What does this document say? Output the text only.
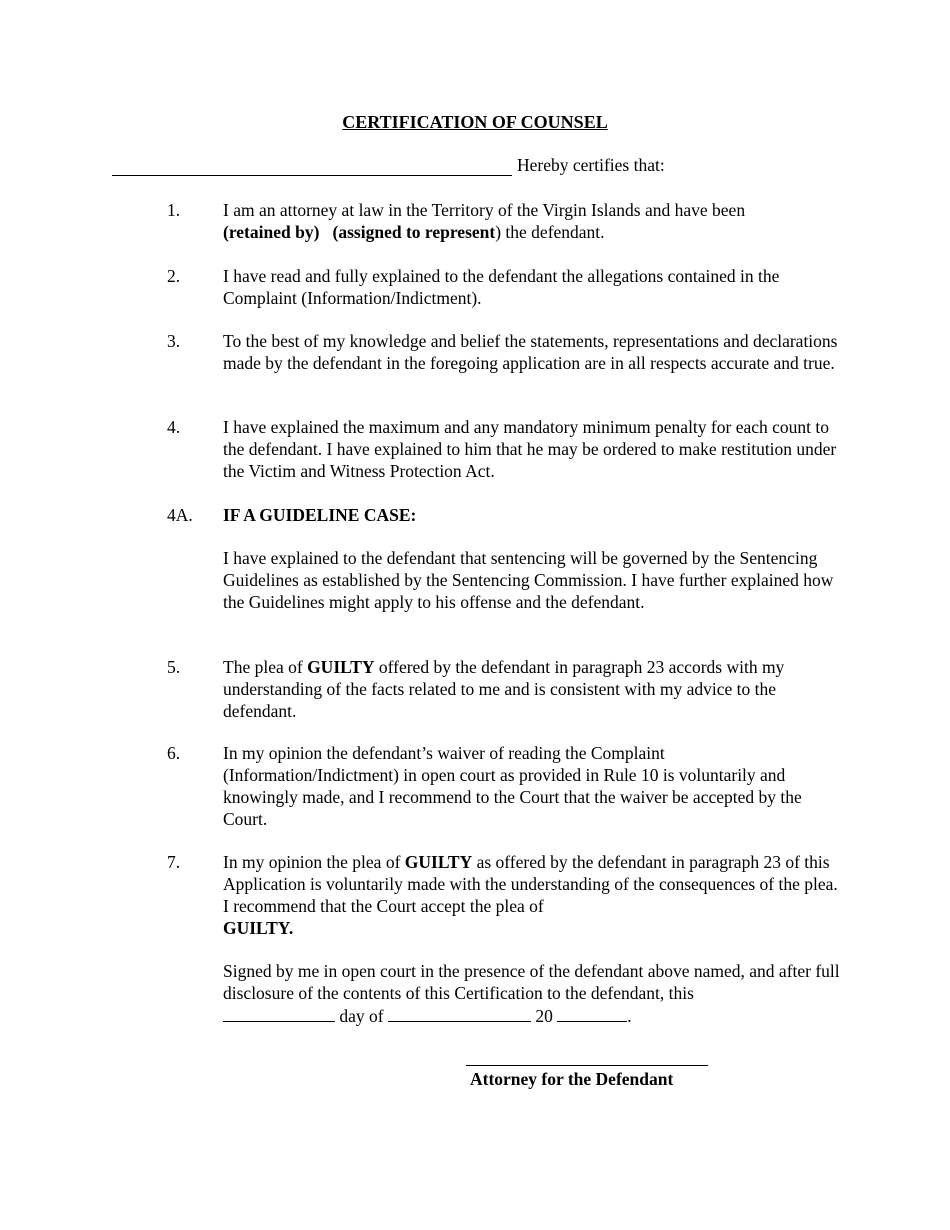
CERTIFICATION OF COUNSEL
Hereby certifies that:
1. I am an attorney at law in the Territory of the Virgin Islands and have been
(retained by) (assigned to represent) the defendant.
2. I have read and fully explained to the defendant the allegations contained in the Complaint (Information/Indictment).
3. To the best of my knowledge and belief the statements, representations and declarations made by the defendant in the foregoing application are in all respects accurate and true.
4. I have explained the maximum and any mandatory minimum penalty for each count to the defendant. I have explained to him that he may be ordered to make restitution under the Victim and Witness Protection Act.
4A. IF A GUIDELINE CASE:
I have explained to the defendant that sentencing will be governed by the Sentencing Guidelines as established by the Sentencing Commission. I have further explained how the Guidelines might apply to his offense and the defendant.
5. The plea of GUILTY offered by the defendant in paragraph 23 accords with my understanding of the facts related to me and is consistent with my advice to the defendant.
6. In my opinion the defendant’s waiver of reading the Complaint (Information/Indictment) in open court as provided in Rule 10 is voluntarily and knowingly made, and I recommend to the Court that the waiver be accepted by the Court.
7. In my opinion the plea of GUILTY as offered by the defendant in paragraph 23 of this Application is voluntarily made with the understanding of the consequences of the plea. I recommend that the Court accept the plea of
GUILTY.
Signed by me in open court in the presence of the defendant above named, and after full disclosure of the contents of this Certification to the defendant, this
day of	20	.
Attorney for the Defendant
